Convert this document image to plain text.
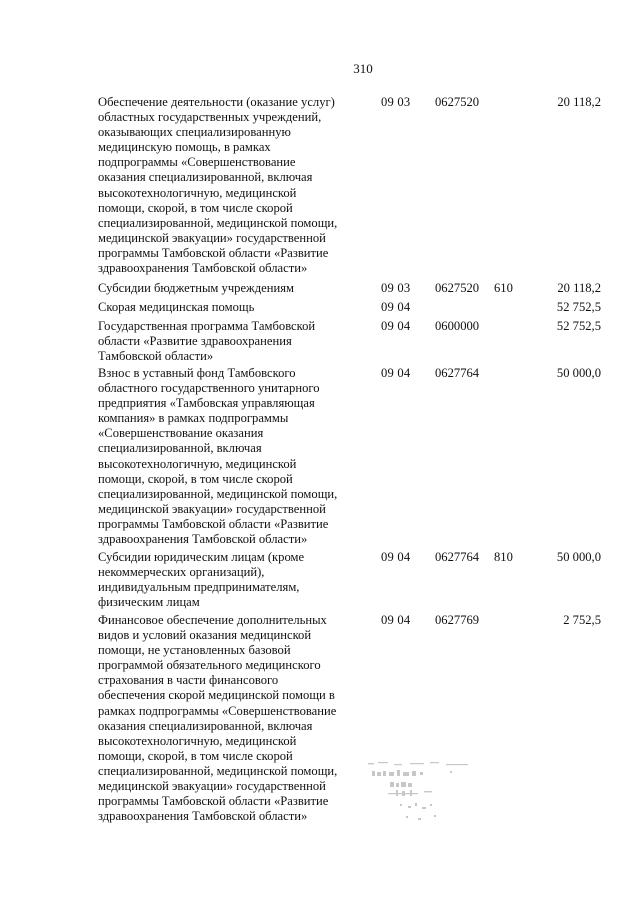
310
Обеспечение деятельности (оказание услуг)
областных государственных учреждений,
оказывающих специализированную
медицинскую помощь, в рамках
подпрограммы «Совершенствование
оказания специализированной, включая
высокотехнологичную, медицинской
помощи, скорой, в том числе скорой
специализированной, медицинской помощи,
медицинской эвакуации» государственной
программы Тамбовской области «Развитие
здравоохранения Тамбовской области»
09 03 0627520	20 118,2
Субсидии бюджетным учреждениям	09 03 0627520 610	20 118,2
Скорая медицинская помощь	09 04	52 752,5
Государственная программа Тамбовской
области «Развитие здравоохранения
Тамбовской области»
09 04 0600000	52 752,5
Взнос в уставный фонд Тамбовского
областного государственного унитарного
предприятия «Тамбовская управляющая
компания» в рамках подпрограммы
«Совершенствование оказания
специализированной, включая
высокотехнологичную, медицинской
помощи, скорой, в том числе скорой
специализированной, медицинской помощи,
медицинской эвакуации» государственной
программы Тамбовской области «Развитие
здравоохранения Тамбовской области»
09 04 0627764	50 000,0
Субсидии юридическим лицам (кроме
некоммерческих организаций),
индивидуальным предпринимателям,
физическим лицам
09 04 0627764 810	50 000,0
Финансовое обеспечение дополнительных
видов и условий оказания медицинской
помощи, не установленных базовой
программой обязательного медицинского
страхования в части финансового
обеспечения скорой медицинской помощи в
рамках подпрограммы «Совершенствование
оказания специализированной, включая
высокотехнологичную, медицинской
помощи, скорой, в том числе скорой
специализированной, медицинской помощи,
медицинской эвакуации» государственной
программы Тамбовской области «Развитие
здравоохранения Тамбовской области»
09 04 0627769	2 752,5
